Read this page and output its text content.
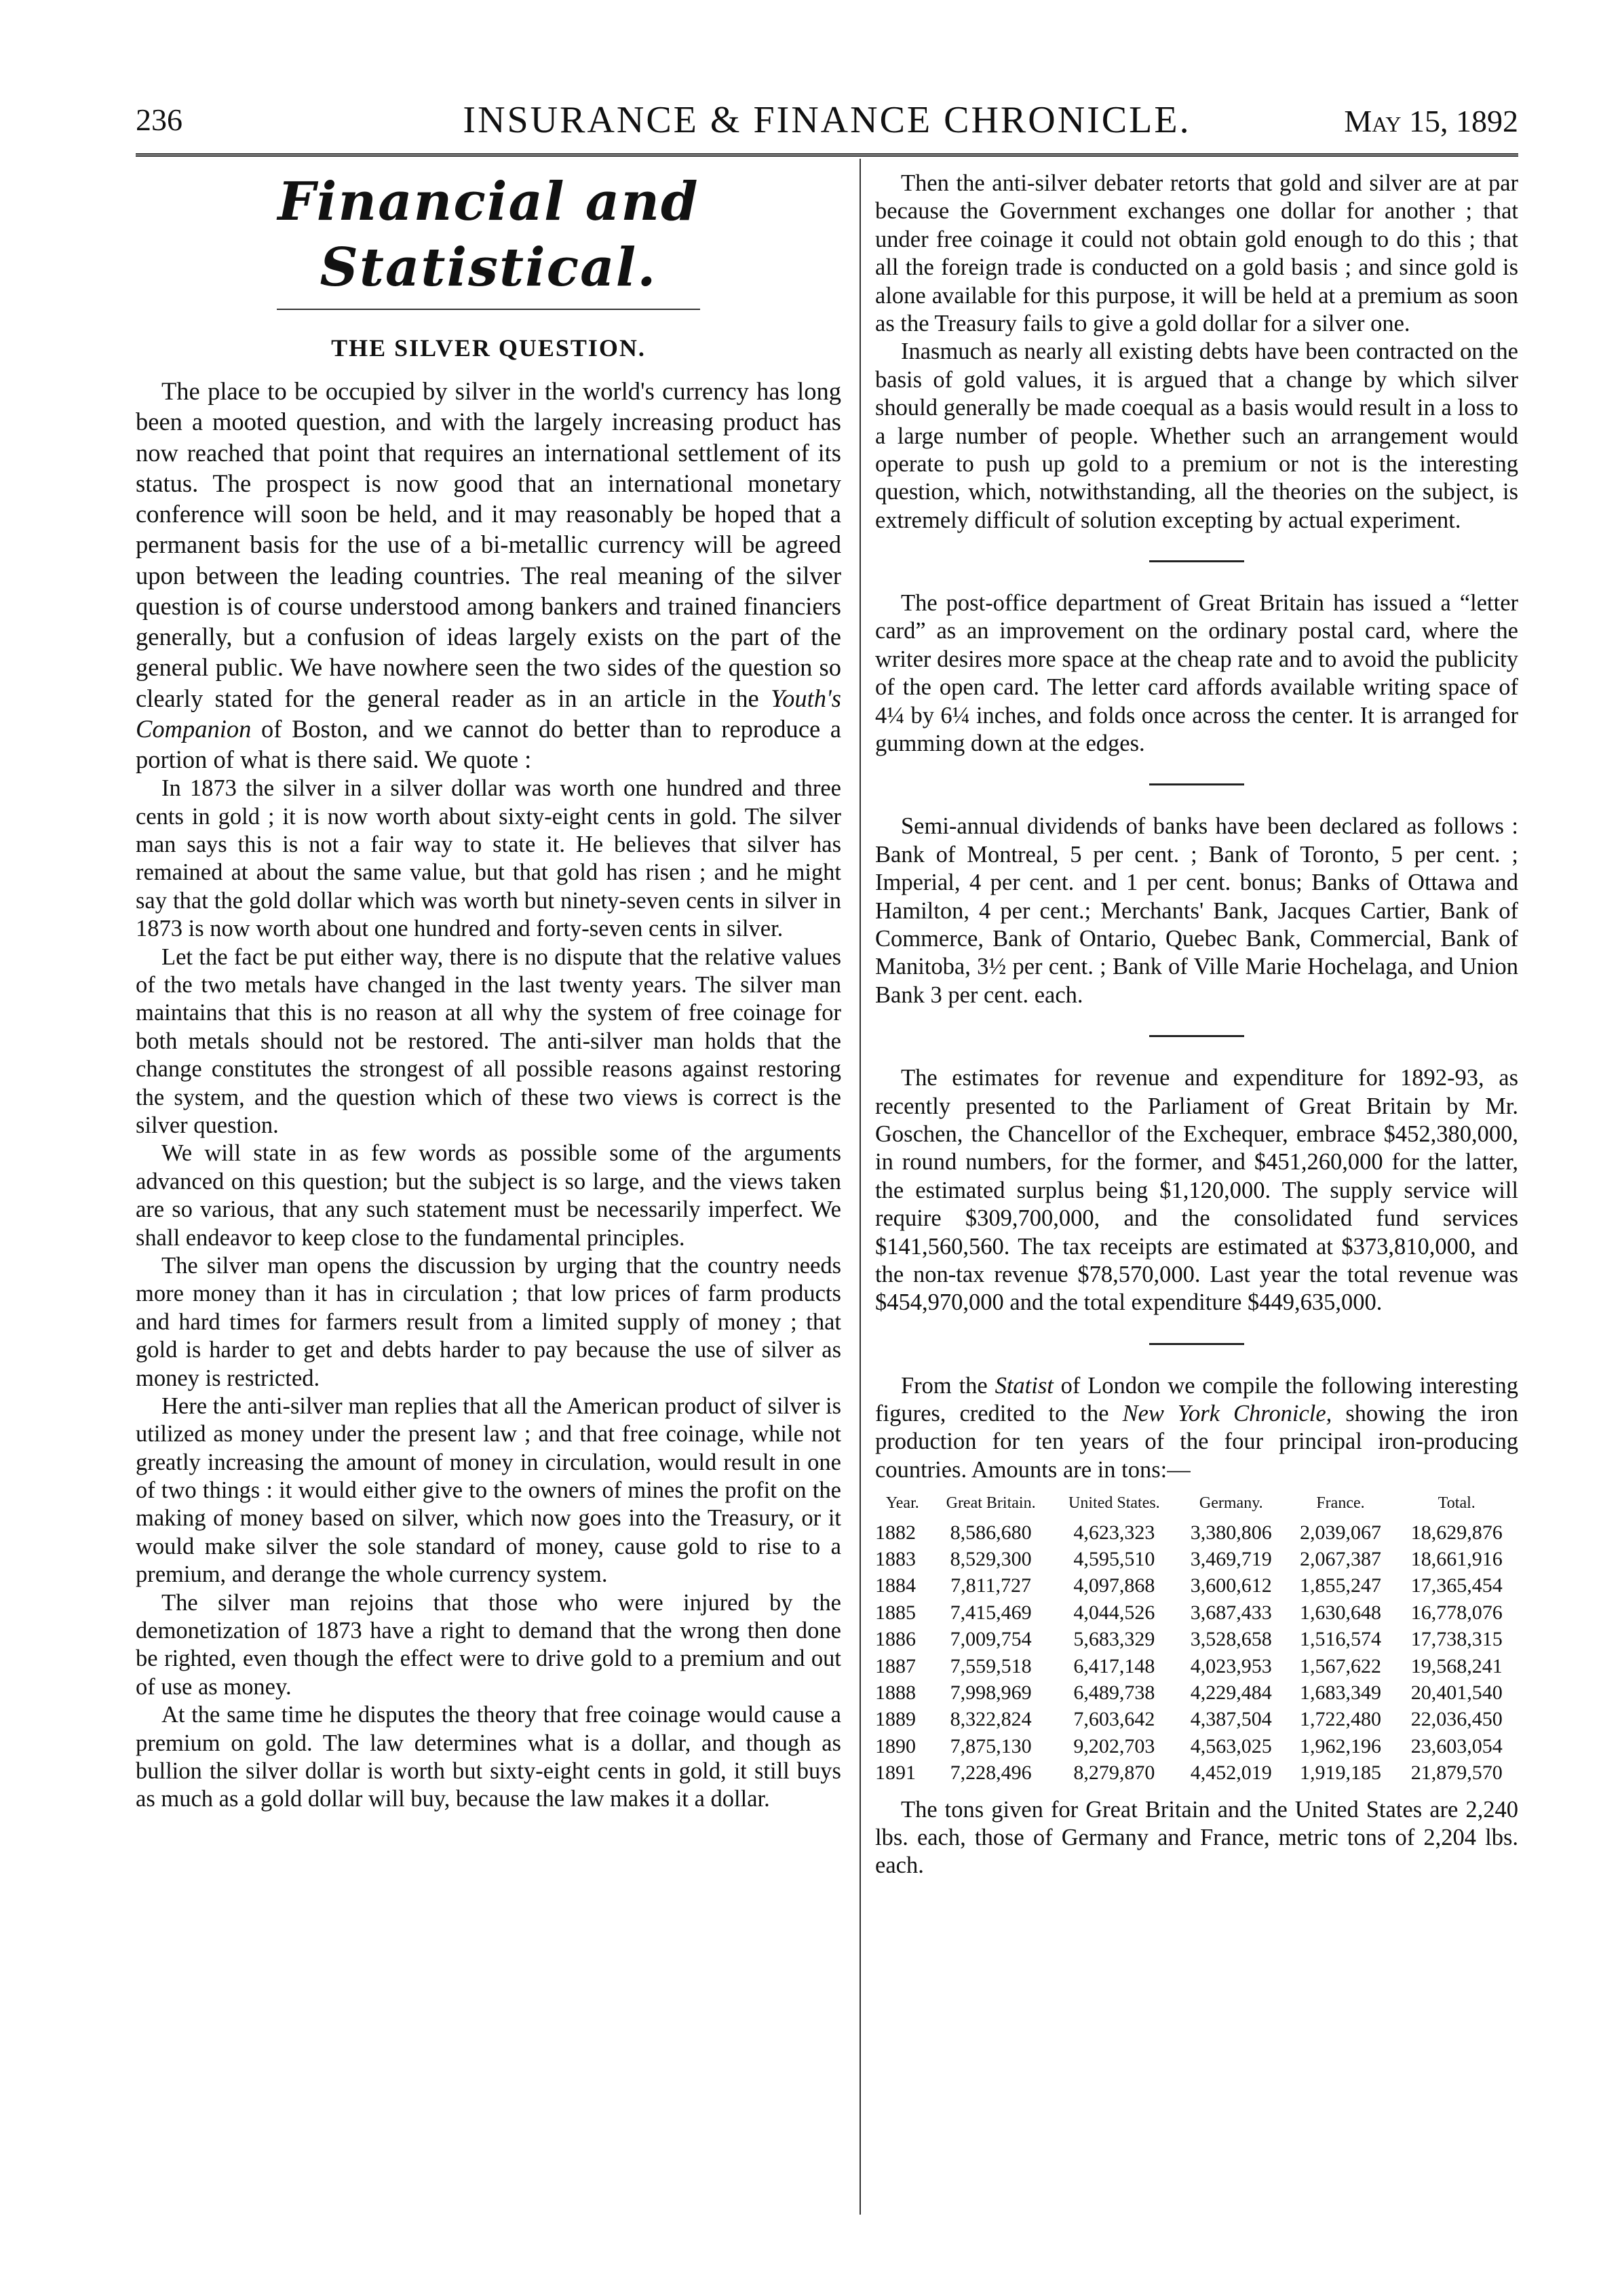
236	INSURANCE & FINANCE CHRONICLE.	May 15, 1892
Financial and Statistical.
THE SILVER QUESTION.

The place to be occupied by silver in the world's currency has long been a mooted question, and with the largely increasing product has now reached that point that requires an international settlement of its status. The prospect is now good that an international monetary conference will soon be held, and it may reasonably be hoped that a permanent basis for the use of a bi-metallic currency will be agreed upon between the leading countries. The real meaning of the silver question is of course understood among bankers and trained financiers generally, but a confusion of ideas largely exists on the part of the general public. We have nowhere seen the two sides of the question so clearly stated for the general reader as in an article in the Youth's Companion of Boston, and we cannot do better than to reproduce a portion of what is there said. We quote :

In 1873 the silver in a silver dollar was worth one hundred and three cents in gold ; it is now worth about sixty-eight cents in gold. The silver man says this is not a fair way to state it. He believes that silver has remained at about the same value, but that gold has risen ; and he might say that the gold dollar which was worth but ninety-seven cents in silver in 1873 is now worth about one hundred and forty-seven cents in silver.

Let the fact be put either way, there is no dispute that the relative values of the two metals have changed in the last twenty years. The silver man maintains that this is no reason at all why the system of free coinage for both metals should not be restored. The anti-silver man holds that the change constitutes the strongest of all possible reasons against restoring the system, and the question which of these two views is correct is the silver question.

We will state in as few words as possible some of the arguments advanced on this question; but the subject is so large, and the views taken are so various, that any such statement must be necessarily imperfect. We shall endeavor to keep close to the fundamental principles.

The silver man opens the discussion by urging that the country needs more money than it has in circulation ; that low prices of farm products and hard times for farmers result from a limited supply of money ; that gold is harder to get and debts harder to pay because the use of silver as money is restricted.

Here the anti-silver man replies that all the American product of silver is utilized as money under the present law ; and that free coinage, while not greatly increasing the amount of money in circulation, would result in one of two things : it would either give to the owners of mines the profit on the making of money based on silver, which now goes into the Treasury, or it would make silver the sole standard of money, cause gold to rise to a premium, and derange the whole currency system.

The silver man rejoins that those who were injured by the demonetization of 1873 have a right to demand that the wrong then done be righted, even though the effect were to drive gold to a premium and out of use as money.

At the same time he disputes the theory that free coinage would cause a premium on gold. The law determines what is a dollar, and though as bullion the silver dollar is worth but sixty-eight cents in gold, it still buys as much as a gold dollar will buy, because the law makes it a dollar.

Then the anti-silver debater retorts that gold and silver are at par because the Government exchanges one dollar for another ; that under free coinage it could not obtain gold enough to do this ; that all the foreign trade is conducted on a gold basis ; and since gold is alone available for this purpose, it will be held at a premium as soon as the Treasury fails to give a gold dollar for a silver one.

Inasmuch as nearly all existing debts have been contracted on the basis of gold values, it is argued that a change by which silver should generally be made coequal as a basis would result in a loss to a large number of people. Whether such an arrangement would operate to push up gold to a premium or not is the interesting question, which, notwithstanding, all the theories on the subject, is extremely difficult of solution excepting by actual experiment.

The post-office department of Great Britain has issued a “letter card” as an improvement on the ordinary postal card, where the writer desires more space at the cheap rate and to avoid the publicity of the open card. The letter card affords available writing space of 4¼ by 6¼ inches, and folds once across the center. It is arranged for gumming down at the edges.

Semi-annual dividends of banks have been declared as follows : Bank of Montreal, 5 per cent. ; Bank of Toronto, 5 per cent. ; Imperial, 4 per cent. and 1 per cent. bonus; Banks of Ottawa and Hamilton, 4 per cent.; Merchants' Bank, Jacques Cartier, Bank of Commerce, Bank of Ontario, Quebec Bank, Commercial, Bank of Manitoba, 3½ per cent. ; Bank of Ville Marie Hochelaga, and Union Bank 3 per cent. each.

The estimates for revenue and expenditure for 1892-93, as recently presented to the Parliament of Great Britain by Mr. Goschen, the Chancellor of the Exchequer, embrace $452,380,000, in round numbers, for the former, and $451,260,000 for the latter, the estimated surplus being $1,120,000. The supply service will require $309,700,000, and the consolidated fund services $141,560,560. The tax receipts are estimated at $373,810,000, and the non-tax revenue $78,570,000. Last year the total revenue was $454,970,000 and the total expenditure $449,635,000.

From the Statist of London we compile the following interesting figures, credited to the New York Chronicle, showing the iron production for ten years of the four principal iron-producing countries. Amounts are in tons:—

Year.	Great Britain.	United States.	Germany.	France.	Total.
1882	8,586,680	4,623,323	3,380,806	2,039,067	18,629,876
1883	8,529,300	4,595,510	3,469,719	2,067,387	18,661,916
1884	7,811,727	4,097,868	3,600,612	1,855,247	17,365,454
1885	7,415,469	4,044,526	3,687,433	1,630,648	16,778,076
1886	7,009,754	5,683,329	3,528,658	1,516,574	17,738,315
1887	7,559,518	6,417,148	4,023,953	1,567,622	19,568,241
1888	7,998,969	6,489,738	4,229,484	1,683,349	20,401,540
1889	8,322,824	7,603,642	4,387,504	1,722,480	22,036,450
1890	7,875,130	9,202,703	4,563,025	1,962,196	23,603,054
1891	7,228,496	8,279,870	4,452,019	1,919,185	21,879,570

The tons given for Great Britain and the United States are 2,240 lbs. each, those of Germany and France, metric tons of 2,204 lbs. each.
